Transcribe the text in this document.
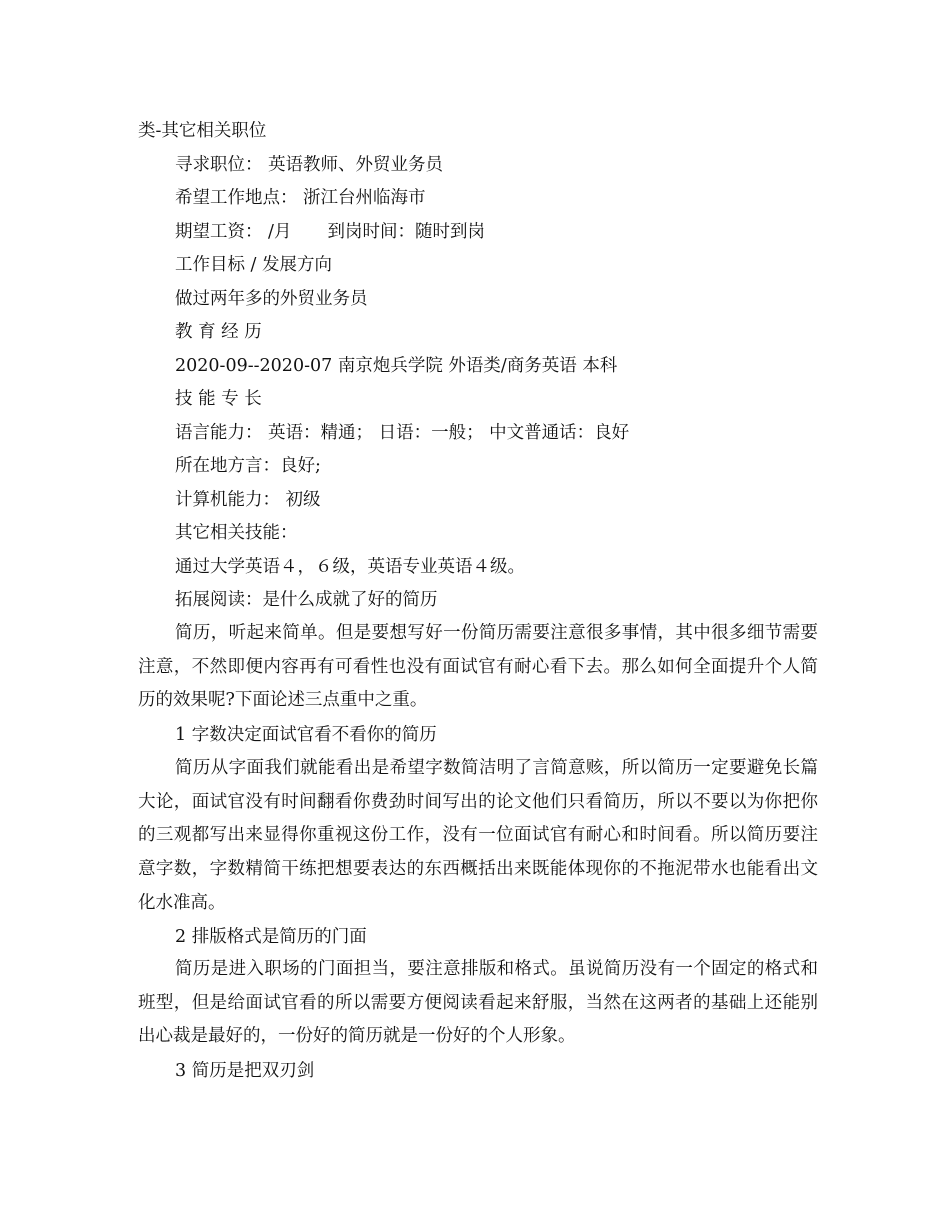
类-其它相关职位
寻求职位： 英语教师、外贸业务员
希望工作地点： 浙江台州临海市
期望工资： /月 到岗时间：随时到岗
工作目标 / 发展方向
做过两年多的外贸业务员
教 育 经 历
2020-09--2020-07 南京炮兵学院 外语类/商务英语 本科
技 能 专 长
语言能力： 英语：精通； 日语：一般； 中文普通话：良好
所在地方言：良好;
计算机能力： 初级
其它相关技能：
通过大学英语４，６级，英语专业英语４级。
拓展阅读：是什么成就了好的简历
简历，听起来简单。但是要想写好一份简历需要注意很多事情，其中很多细节需要注意，不然即便内容再有可看性也没有面试官有耐心看下去。那么如何全面提升个人简历的效果呢?下面论述三点重中之重。
1 字数决定面试官看不看你的简历
简历从字面我们就能看出是希望字数简洁明了言简意赅，所以简历一定要避免长篇大论，面试官没有时间翻看你费劲时间写出的论文他们只看简历，所以不要以为你把你的三观都写出来显得你重视这份工作，没有一位面试官有耐心和时间看。所以简历要注意字数，字数精简干练把想要表达的东西概括出来既能体现你的不拖泥带水也能看出文化水准高。
2 排版格式是简历的门面
简历是进入职场的门面担当，要注意排版和格式。虽说简历没有一个固定的格式和班型，但是给面试官看的所以需要方便阅读看起来舒服，当然在这两者的基础上还能别出心裁是最好的，一份好的简历就是一份好的个人形象。
3 简历是把双刃剑
